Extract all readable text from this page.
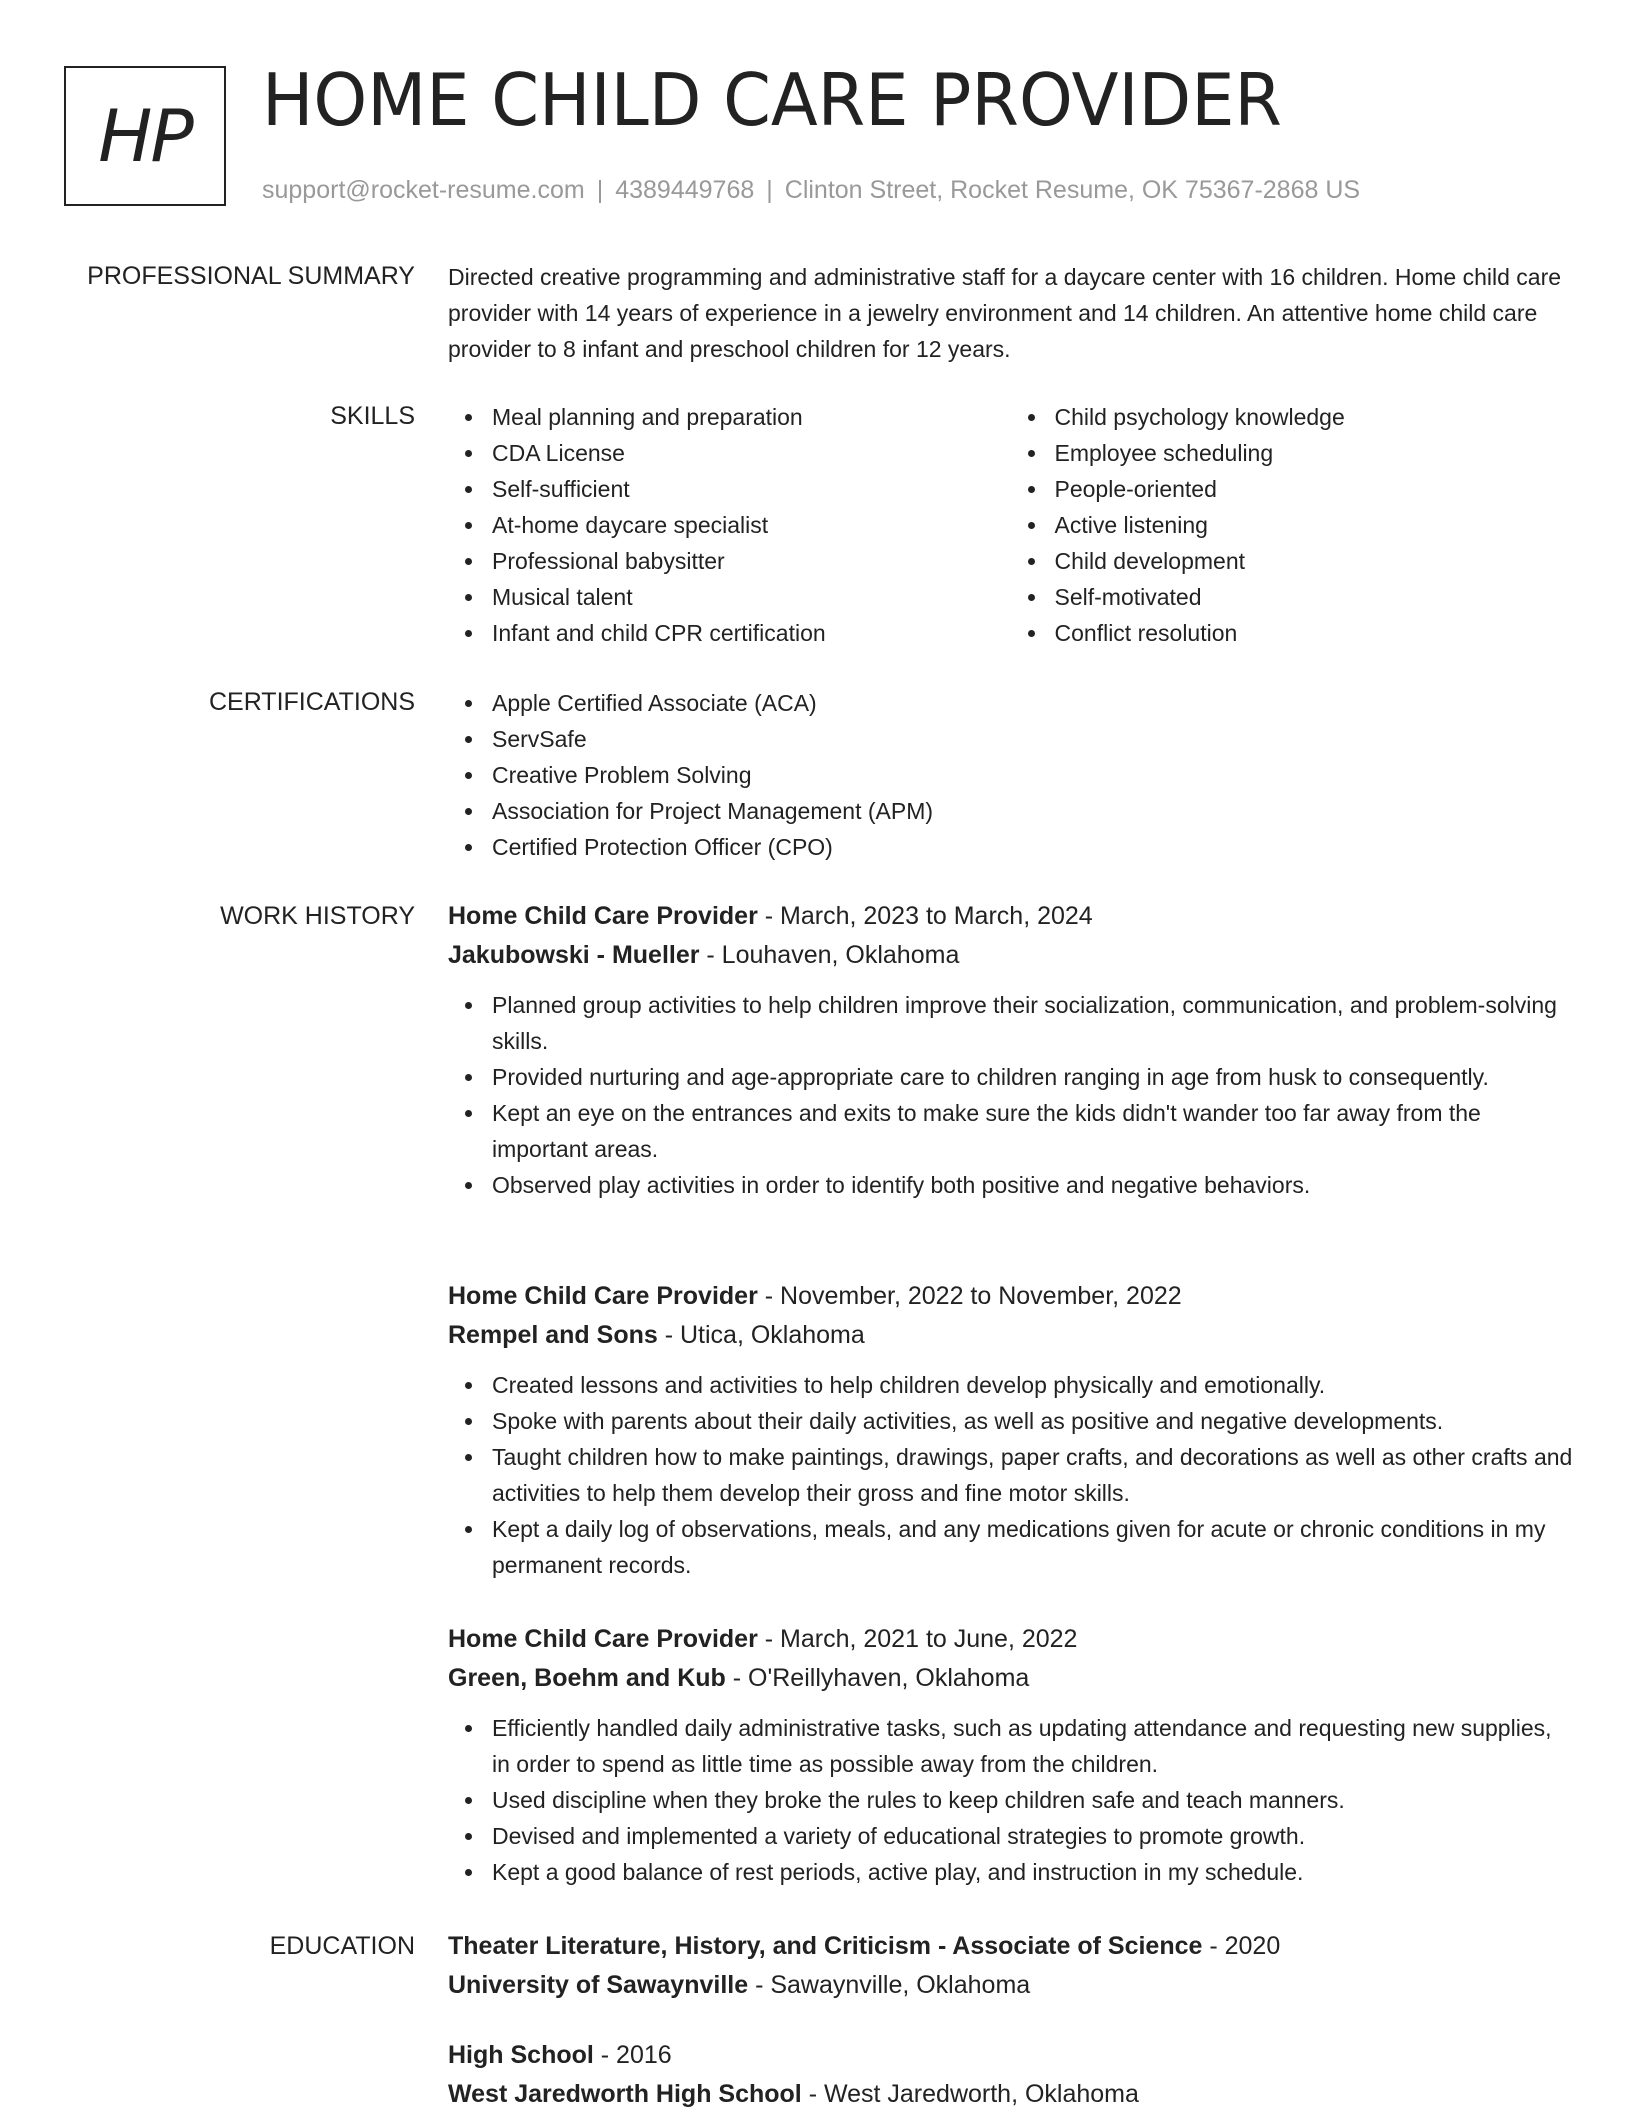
HP HOME CHILD CARE PROVIDER
support@rocket-resume.com | 4389449768 | Clinton Street, Rocket Resume, OK 75367-2868 US
PROFESSIONAL SUMMARY Directed creative programming and administrative staff for a daycare center with 16 children. Home child care provider with 14 years of experience in a jewelry environment and 14 children. An attentive home child care provider to 8 infant and preschool children for 12 years.
SKILLS	Meal planning and preparation
CDA License
Self-sufficient
At-home daycare specialist
Professional babysitter
Musical talent
Infant and child CPR certification
Child psychology knowledge
Employee scheduling
People-oriented
Active listening
Child development
Self-motivated
Conflict resolution
CERTIFICATIONS	Apple Certified Associate (ACA)
ServSafe
Creative Problem Solving
Association for Project Management (APM)
Certified Protection Officer (CPO)
WORK HISTORY Home Child Care Provider - March, 2023 to March, 2024
Jakubowski - Mueller - Louhaven, Oklahoma
Planned group activities to help children improve their socialization, communication, and problem-solving skills.
Provided nurturing and age-appropriate care to children ranging in age from husk to consequently.
Kept an eye on the entrances and exits to make sure the kids didn't wander too far away from the important areas.
Observed play activities in order to identify both positive and negative behaviors.
Home Child Care Provider - November, 2022 to November, 2022
Rempel and Sons - Utica, Oklahoma
Created lessons and activities to help children develop physically and emotionally.
Spoke with parents about their daily activities, as well as positive and negative developments.
Taught children how to make paintings, drawings, paper crafts, and decorations as well as other crafts and activities to help them develop their gross and fine motor skills.
Kept a daily log of observations, meals, and any medications given for acute or chronic conditions in my permanent records.
Home Child Care Provider - March, 2021 to June, 2022
Green, Boehm and Kub - O'Reillyhaven, Oklahoma
Efficiently handled daily administrative tasks, such as updating attendance and requesting new supplies, in order to spend as little time as possible away from the children.
Used discipline when they broke the rules to keep children safe and teach manners.
Devised and implemented a variety of educational strategies to promote growth.
Kept a good balance of rest periods, active play, and instruction in my schedule.
EDUCATION Theater Literature, History, and Criticism - Associate of Science - 2020
University of Sawaynville - Sawaynville, Oklahoma
High School - 2016
West Jaredworth High School - West Jaredworth, Oklahoma
